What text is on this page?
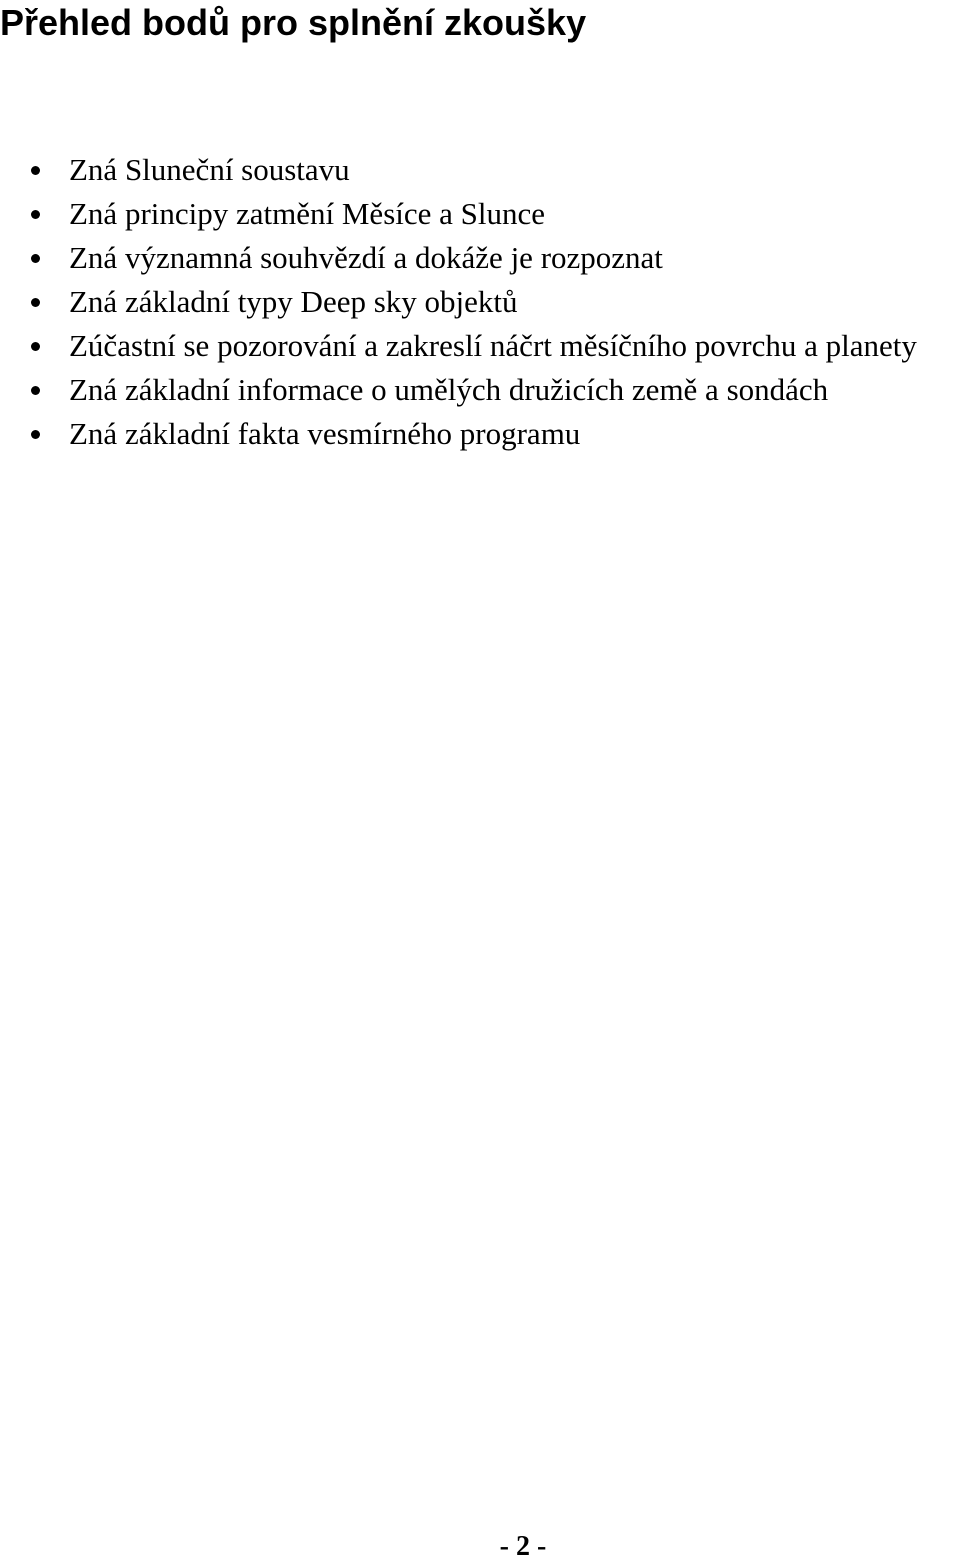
Přehled bodů pro splnění zkoušky
Zná Sluneční soustavu
Zná principy zatmění Měsíce a Slunce
Zná významná souhvězdí a dokáže je rozpoznat
Zná základní typy Deep sky objektů
Zúčastní se pozorování a zakreslí náčrt měsíčního povrchu a planety
Zná základní informace o umělých družicích země a sondách
Zná základní fakta vesmírného programu
- 2 -
